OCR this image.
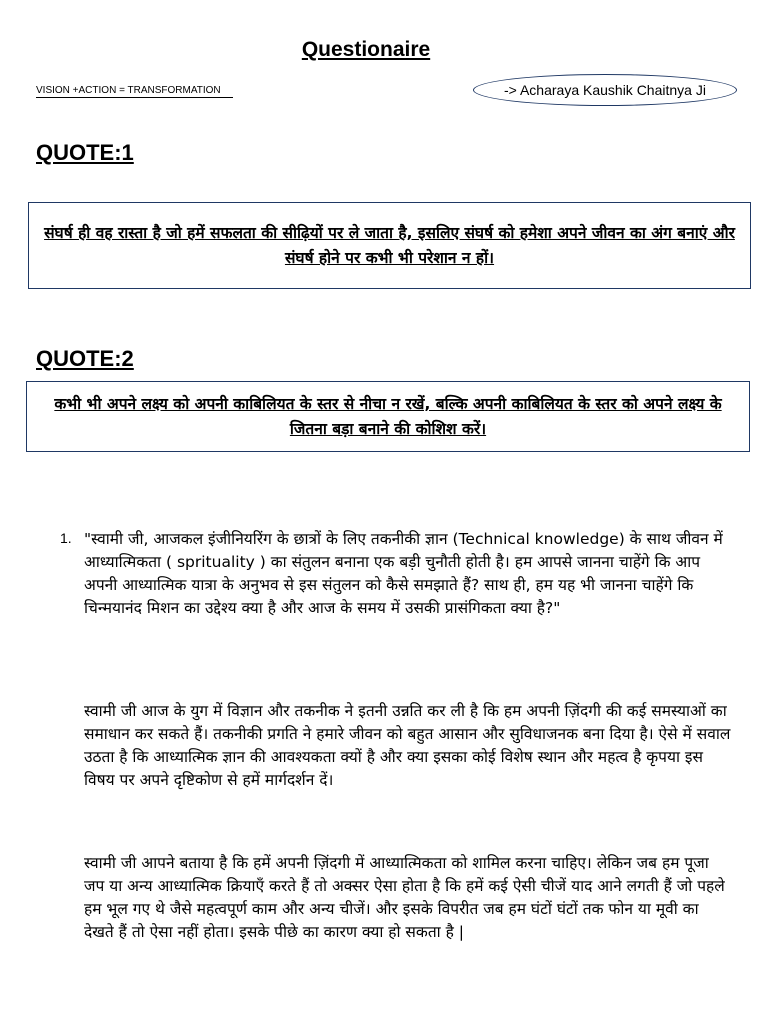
Questionaire
VISION +ACTION = TRANSFORMATION	-> Acharaya Kaushik Chaitnya Ji
QUOTE:1
संघर्ष ही वह रास्ता है जो हमें सफलता की सीढ़ियों पर ले जाता है, इसलिए संघर्ष को हमेशा अपने जीवन का अंग बनाएं और संघर्ष होने पर कभी भी परेशान न हों।
QUOTE:2
कभी भी अपने लक्ष्य को अपनी काबिलियत के स्तर से नीचा न रखें, बल्कि अपनी काबिलियत के स्तर को अपने लक्ष्य के जितना बड़ा बनाने की कोशिश करें।
1. "स्वामी जी, आजकल इंजीनियरिंग के छात्रों के लिए तकनीकी ज्ञान (Technical knowledge) के साथ जीवन में आध्यात्मिकता ( sprituality ) का संतुलन बनाना एक बड़ी चुनौती होती है। हम आपसे जानना चाहेंगे कि आप अपनी आध्यात्मिक यात्रा के अनुभव से इस संतुलन को कैसे समझाते हैं? साथ ही, हम यह भी जानना चाहेंगे कि चिन्मयानंद मिशन का उद्देश्य क्या है और आज के समय में उसकी प्रासंगिकता क्या है?"
स्वामी जी आज के युग में विज्ञान और तकनीक ने इतनी उन्नति कर ली है कि हम अपनी ज़िंदगी की कई समस्याओं का समाधान कर सकते हैं। तकनीकी प्रगति ने हमारे जीवन को बहुत आसान और सुविधाजनक बना दिया है। ऐसे में सवाल उठता है कि आध्यात्मिक ज्ञान की आवश्यकता क्यों है और क्या इसका कोई विशेष स्थान और महत्व है कृपया इस विषय पर अपने दृष्टिकोण से हमें मार्गदर्शन दें।
स्वामी जी आपने बताया है कि हमें अपनी ज़िंदगी में आध्यात्मिकता को शामिल करना चाहिए। लेकिन जब हम पूजा जप या अन्य आध्यात्मिक क्रियाएँ करते हैं तो अक्सर ऐसा होता है कि हमें कई ऐसी चीजें याद आने लगती हैं जो पहले हम भूल गए थे जैसे महत्वपूर्ण काम और अन्य चीजें। और इसके विपरीत जब हम घंटों घंटों तक फोन या मूवी का देखते हैं तो ऐसा नहीं होता। इसके पीछे का कारण क्या हो सकता है |
